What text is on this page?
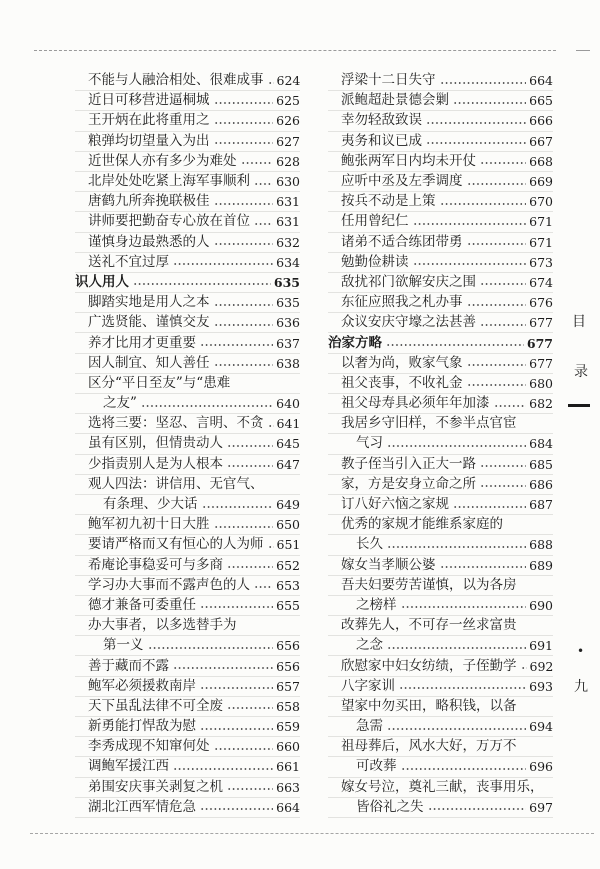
不能与人融洽相处、很难成事 624
近日可移营进逼桐城	625
王开炳在此将重用之	626
粮弹均切望量入为出	627
近世保人亦有多少为难处	628
北岸处处吃紧上海军事顺利 630
唐鹤九所奔挽联极佳	631
讲师要把勤奋专心放在首位 631
谨慎身边最熟悉的人	632
送礼不宜过厚	634
识人用人	635
脚踏实地是用人之本	635
广选贤能、谨慎交友	636
养才比用才更重要	637
因人制宜、知人善任	638
区分“平日至友”与“患难
之友”	640
选将三要：坚忍、言明、不贪 641
虽有区别，但情贵动人	645
少指责别人是为人根本	647
观人四法：讲信用、无官气、
有条理、少大话	649
鲍军初九初十日大胜	650
要请严格而又有恒心的人为师 651
希庵论事稳妥可与多商	652
学习办大事而不露声色的人 653
德才兼备可委重任	655
办大事者，以多选替手为
第一义	656
善于藏而不露	656
鲍军必须援救南岸	657
天下虽乱法律不可全废	658
新勇能打悍敌为慰	659
李秀成现不知窜何处	660
调鲍军援江西	661
弟围安庆事关剥复之机	663
湖北江西军情危急	664
浮梁十二日失守	664
派鲍超赴景德会剿	665
幸勿轻敌致误	666
夷务和议已成	667
鲍张两军日内均未开仗	668
应听中丞及左季调度	669
按兵不动是上策	670
任用曾纪仁	671
诸弟不适合练团带勇	671
勉勤俭耕读	673
敌扰祁门欲解安庆之围	674
东征应照我之札办事	676
众议安庆守壕之法甚善	677
治家方略	677
以奢为尚，败家气象	677
祖父丧事，不收礼金	680
祖父母寿具必须年年加漆	682
我居乡守旧样，不参半点官宦
气习	684
教子侄当引入正大一路	685
家，方是安身立命之所	686
订八好六恼之家规	687
优秀的家规才能维系家庭的
长久	688
嫁女当孝顺公婆	689
吾夫妇要劳苦谨慎，以为各房
之榜样	690
改葬先人，不可存一丝求富贵
之念	691
欣慰家中妇女纺绩，子侄勤学 692
八字家训	693
望家中勿买田，略积钱，以备
急需	694
祖母葬后，风水大好，万万不
可改葬	696
嫁女号泣，奠礼三献，丧事用乐，
皆俗礼之失	697
目
录
•
九
